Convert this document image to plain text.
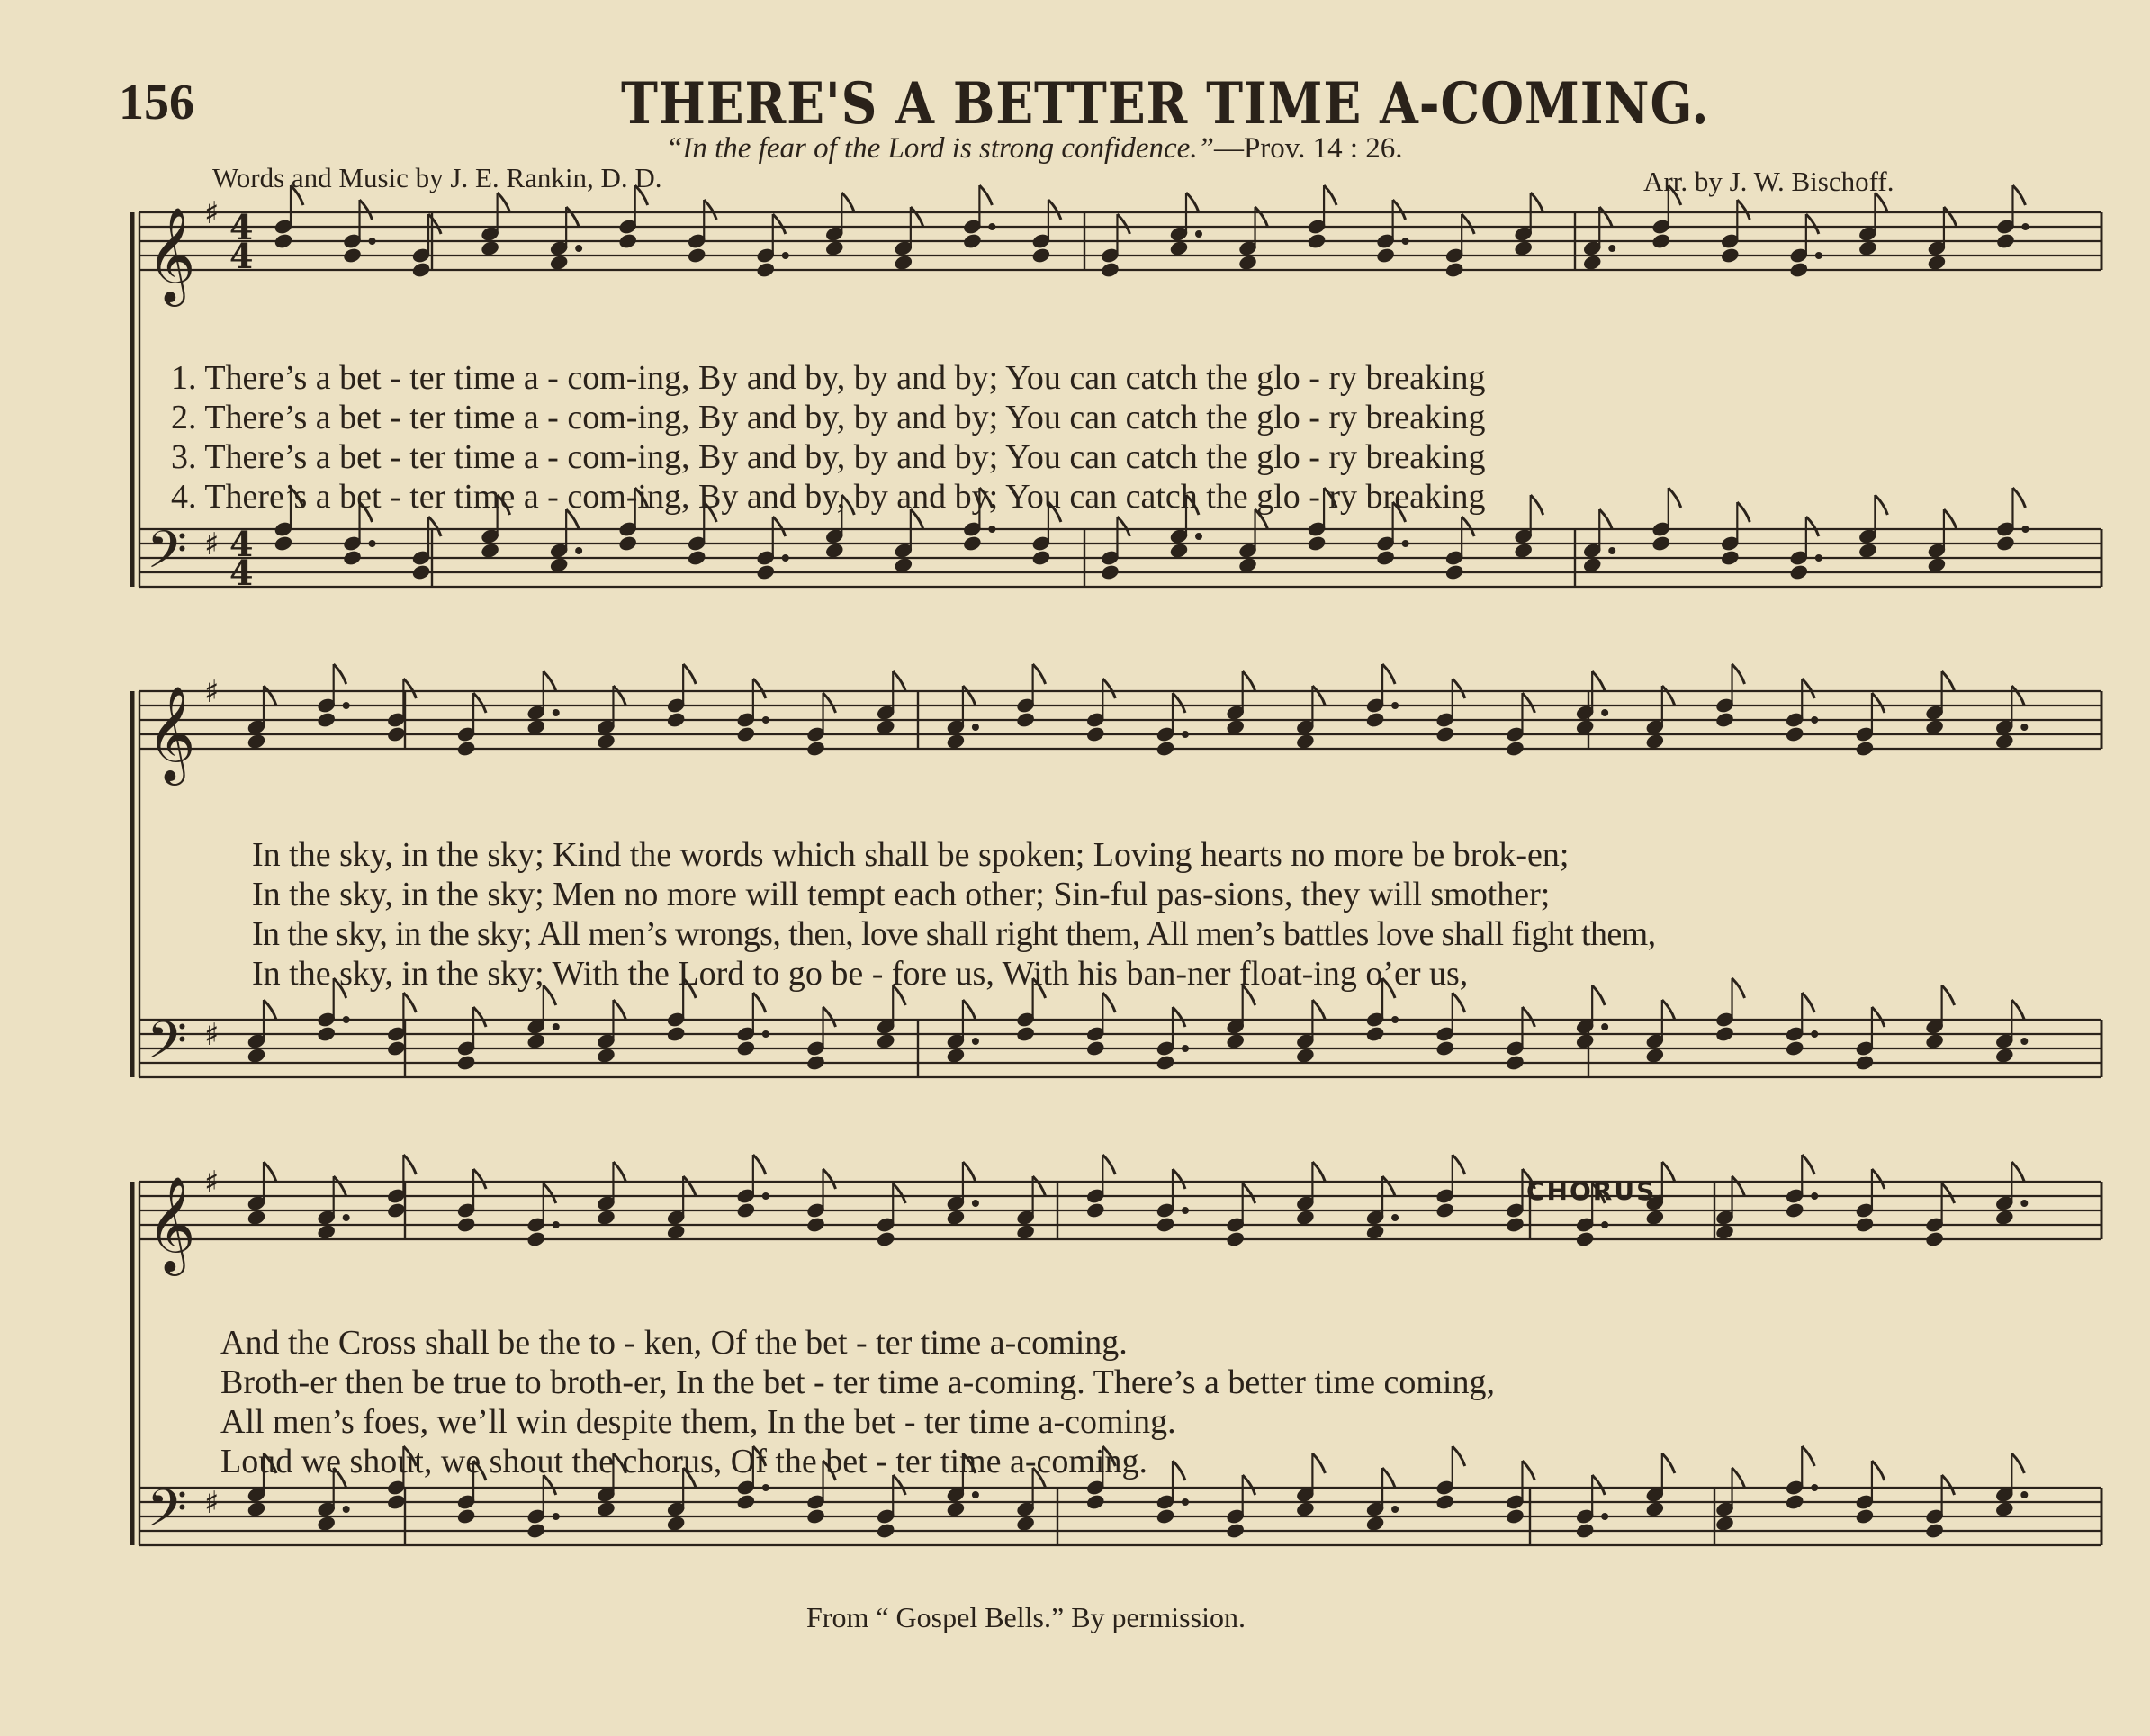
156	THERE'S A BETTER TIME A-COMING.
“In the fear of the Lord is strong confidence.”—Prov. 14 : 26.
Words and Music by J. E. Rankin, D. D.	Arr. by J. W. Bischoff.
𝄞
𝄢
♯
♯
4
4
4
4
𝄞
𝄢
♯
♯
𝄞
𝄢
♯
♯
1. There’s a bet - ter time a - com-ing, By and by, by and by; You can catch the glo - ry breaking
2. There’s a bet - ter time a - com-ing, By and by, by and by; You can catch the glo - ry breaking
3. There’s a bet - ter time a - com-ing, By and by, by and by; You can catch the glo - ry breaking
4. There’s a bet - ter time a - com-ing, By and by, by and by; You can catch the glo - ry breaking
In the sky, in the sky; Kind the words which shall be spoken; Loving hearts no more be brok-en;
In the sky, in the sky; Men no more will tempt each other; Sin-ful pas-sions, they will smother;
In the sky, in the sky; All men’s wrongs, then, love shall right them, All men’s battles love shall fight them,
In the sky, in the sky; With the Lord to go be - fore us, With his ban-ner float-ing o’er us,
CHORUS.
And the Cross shall be the to - ken, Of the bet - ter time a-coming.
Broth-er then be true to broth-er, In the bet - ter time a-coming. There’s a better time coming,
All men’s foes, we’ll win despite them, In the bet - ter time a-coming.
Loud we shout, we shout the chorus, Of the bet - ter time a-coming.
From “ Gospel Bells.” By permission.
